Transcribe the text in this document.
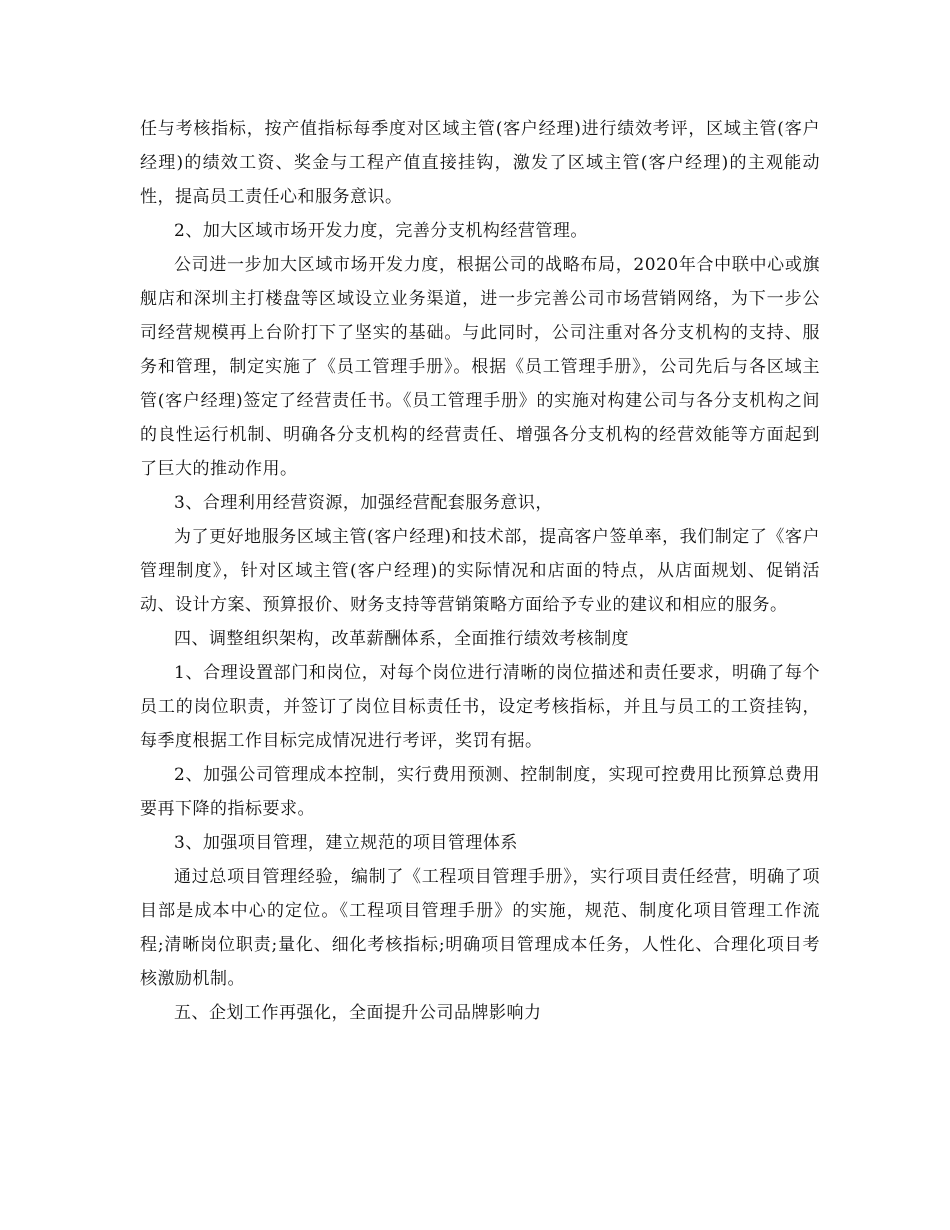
任与考核指标，按产值指标每季度对区域主管(客户经理)进行绩效考评，区域主管(客户经理)的绩效工资、奖金与工程产值直接挂钩，激发了区域主管(客户经理)的主观能动性，提高员工责任心和服务意识。

2、加大区域市场开发力度，完善分支机构经营管理。

公司进一步加大区域市场开发力度，根据公司的战略布局，2020年合中联中心或旗舰店和深圳主打楼盘等区域设立业务渠道，进一步完善公司市场营销网络，为下一步公司经营规模再上台阶打下了坚实的基础。与此同时，公司注重对各分支机构的支持、服务和管理，制定实施了《员工管理手册》。根据《员工管理手册》，公司先后与各区域主管(客户经理)签定了经营责任书。《员工管理手册》的实施对构建公司与各分支机构之间的良性运行机制、明确各分支机构的经营责任、增强各分支机构的经营效能等方面起到了巨大的推动作用。

3、合理利用经营资源，加强经营配套服务意识，

为了更好地服务区域主管(客户经理)和技术部，提高客户签单率，我们制定了《客户管理制度》，针对区域主管(客户经理)的实际情况和店面的特点，从店面规划、促销活动、设计方案、预算报价、财务支持等营销策略方面给予专业的建议和相应的服务。

四、调整组织架构，改革薪酬体系，全面推行绩效考核制度

1、合理设置部门和岗位，对每个岗位进行清晰的岗位描述和责任要求，明确了每个员工的岗位职责，并签订了岗位目标责任书，设定考核指标，并且与员工的工资挂钩，每季度根据工作目标完成情况进行考评，奖罚有据。

2、加强公司管理成本控制，实行费用预测、控制制度，实现可控费用比预算总费用要再下降的指标要求。

3、加强项目管理，建立规范的项目管理体系

通过总项目管理经验，编制了《工程项目管理手册》，实行项目责任经营，明确了项目部是成本中心的定位。《工程项目管理手册》的实施，规范、制度化项目管理工作流程;清晰岗位职责;量化、细化考核指标;明确项目管理成本任务，人性化、合理化项目考核激励机制。

五、企划工作再强化，全面提升公司品牌影响力
